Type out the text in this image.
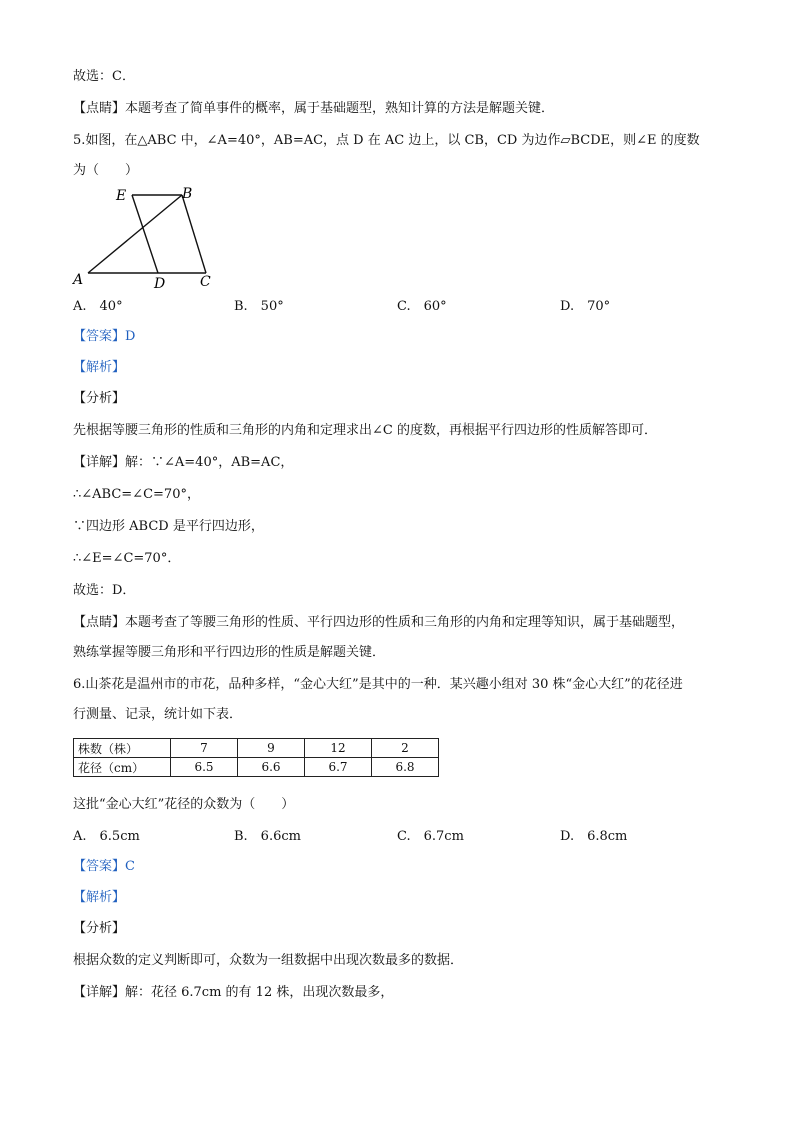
故选：C．
【点睛】本题考查了简单事件的概率，属于基础题型，熟知计算的方法是解题关键．
5.如图，在△ABC 中，∠A=40°，AB=AC，点 D 在 AC 边上，以 CB，CD 为边作▱BCDE，则∠E 的度数
为（　　）
E	B
A	D C
A.　40°	B.　50°	C.　60°	D.　70°
【答案】D
【解析】
【分析】
先根据等腰三角形的性质和三角形的内角和定理求出∠C 的度数，再根据平行四边形的性质解答即可．
【详解】解：∵∠A=40°，AB=AC，
∴∠ABC=∠C=70°，
∵四边形 ABCD 是平行四边形，
∴∠E=∠C=70°．
故选：D．
【点睛】本题考查了等腰三角形的性质、平行四边形的性质和三角形的内角和定理等知识，属于基础题型，
熟练掌握等腰三角形和平行四边形的性质是解题关键．
6.山茶花是温州市的市花，品种多样，“金心大红”是其中的一种．某兴趣小组对 30 株“金心大红”的花径进
行测量、记录，统计如下表．
株数（株）	7	9	12	2
花径（cm）	6.5	6.6	6.7	6.8
这批“金心大红”花径的众数为（　　）
A.　6.5cm	B.　6.6cm	C.　6.7cm	D.　6.8cm
【答案】C
【解析】
【分析】
根据众数的定义判断即可，众数为一组数据中出现次数最多的数据．
【详解】解：花径 6.7cm 的有 12 株，出现次数最多，
